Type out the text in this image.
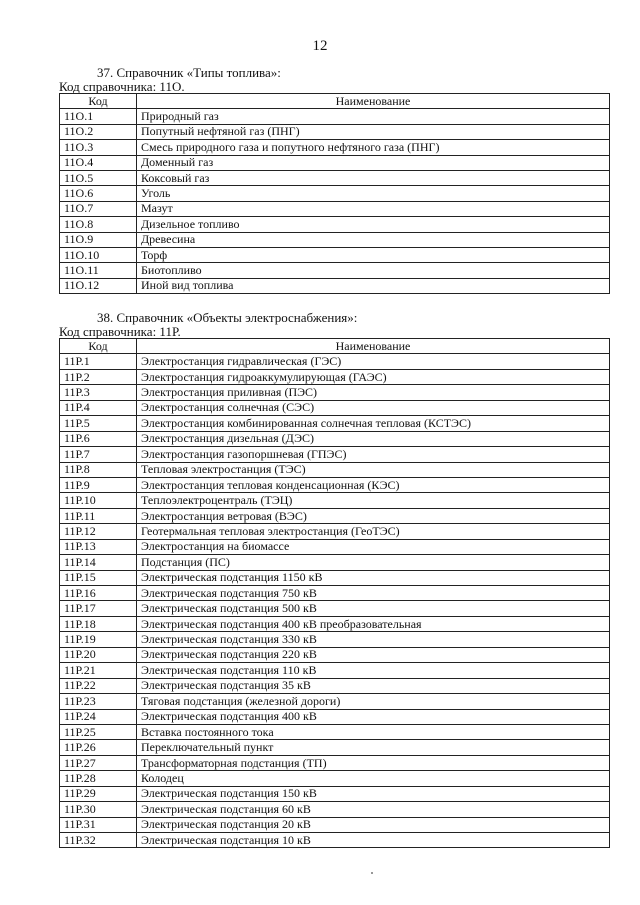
12
37. Справочник «Типы топлива»:
Код справочника: 11О.
Код	Наименование
11О.1	Природный газ
11О.2	Попутный нефтяной газ (ПНГ)
11О.3	Смесь природного газа и попутного нефтяного газа (ПНГ)
11О.4	Доменный газ
11О.5	Коксовый газ
11О.6	Уголь
11О.7	Мазут
11О.8	Дизельное топливо
11О.9	Древесина
11О.10	Торф
11О.11	Биотопливо
11О.12	Иной вид топлива
38. Справочник «Объекты электроснабжения»:
Код справочника: 11Р.
Код	Наименование
11Р.1	Электростанция гидравлическая (ГЭС)
11Р.2	Электростанция гидроаккумулирующая (ГАЭС)
11Р.3	Электростанция приливная (ПЭС)
11Р.4	Электростанция солнечная (СЭС)
11Р.5	Электростанция комбинированная солнечная тепловая (КСТЭС)
11Р.6	Электростанция дизельная (ДЭС)
11Р.7	Электростанция газопоршневая (ГПЭС)
11Р.8	Тепловая электростанция (ТЭС)
11Р.9	Электростанция тепловая конденсационная (КЭС)
11Р.10	Теплоэлектроцентраль (ТЭЦ)
11Р.11	Электростанция ветровая (ВЭС)
11Р.12	Геотермальная тепловая электростанция (ГеоТЭС)
11Р.13	Электростанция на биомассе
11Р.14	Подстанция (ПС)
11Р.15	Электрическая подстанция 1150 кВ
11Р.16	Электрическая подстанция 750 кВ
11Р.17	Электрическая подстанция 500 кВ
11Р.18	Электрическая подстанция 400 кВ преобразовательная
11Р.19	Электрическая подстанция 330 кВ
11Р.20	Электрическая подстанция 220 кВ
11Р.21	Электрическая подстанция 110 кВ
11Р.22	Электрическая подстанция 35 кВ
11Р.23	Тяговая подстанция (железной дороги)
11Р.24	Электрическая подстанция 400 кВ
11Р.25	Вставка постоянного тока
11Р.26	Переключательный пункт
11Р.27	Трансформаторная подстанция (ТП)
11Р.28	Колодец
11Р.29	Электрическая подстанция 150 кВ
11Р.30	Электрическая подстанция 60 кВ
11Р.31	Электрическая подстанция 20 кВ
11Р.32	Электрическая подстанция 10 кВ
